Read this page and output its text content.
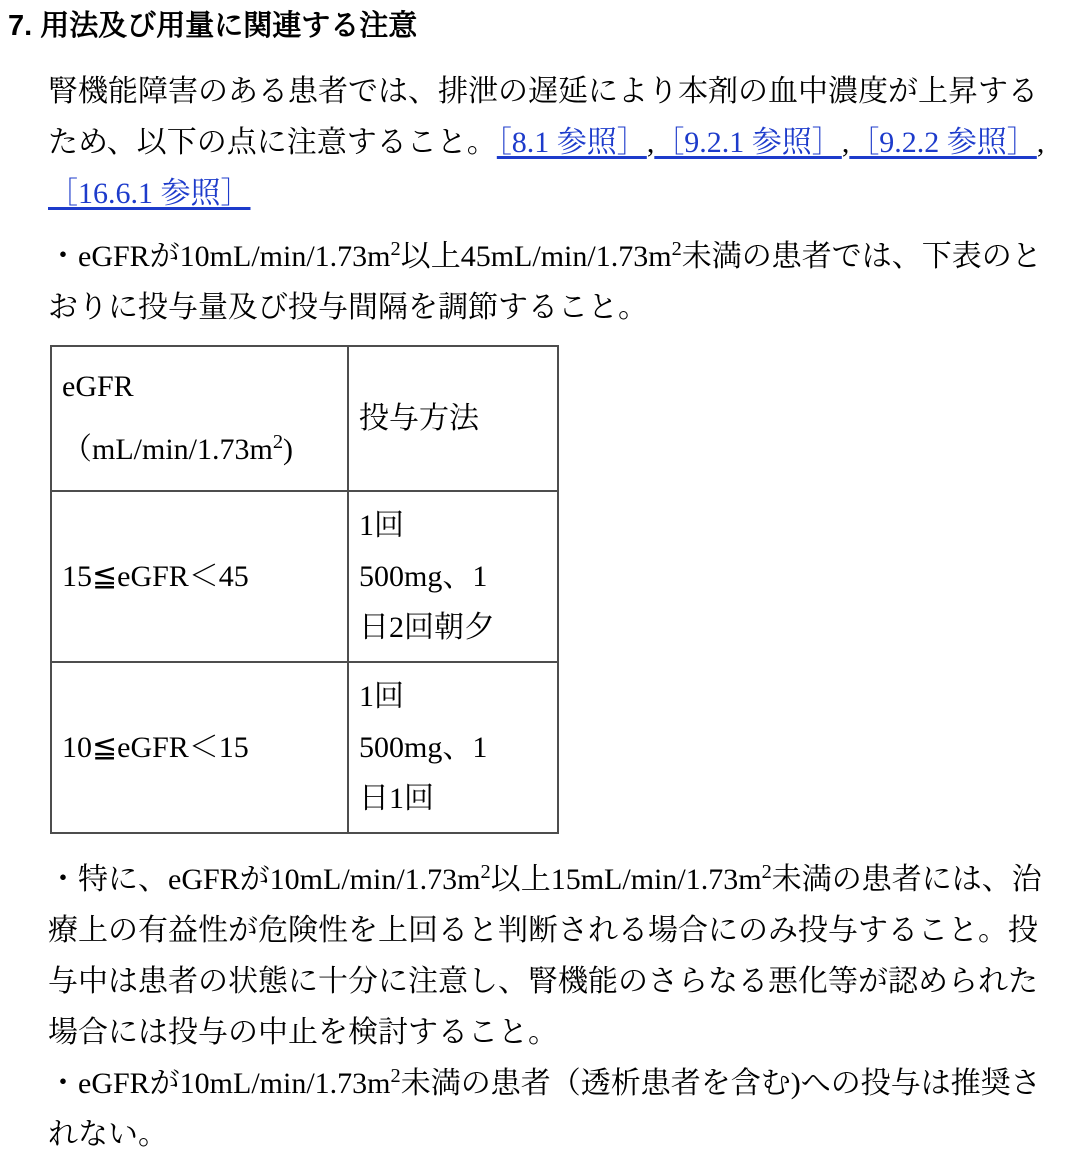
7. 用法及び用量に関連する注意

腎機能障害のある患者では、排泄の遅延により本剤の血中濃度が上昇するため、以下の点に注意すること。［8.1 参照］,［9.2.1 参照］,［9.2.2 参照］,［16.6.1 参照］

・eGFRが$10mL/\min/1.73m^2$以上$45mL/\min/1.73m^2$未満の患者では、下表のとおりに投与量及び投与間隔を調節すること。

eGFR
$(mL/\min/1.73m^2)$	投与方法
15≦eGFR＜45	1回
500mg、1
日2回朝夕
10≦eGFR＜15	1回
500mg、1
日1回

・特に、eGFRが$10mL/\min/1.73m^2$以上$15mL/\min/1.73m^2$未満の患者には、治療上の有益性が危険性を上回ると判断される場合にのみ投与すること。投与中は患者の状態に十分に注意し、腎機能のさらなる悪化等が認められた場合には投与の中止を検討すること。

・eGFRが$10mL/\min/1.73m^2$未満の患者（透析患者を含む)への投与は推奨されない。
